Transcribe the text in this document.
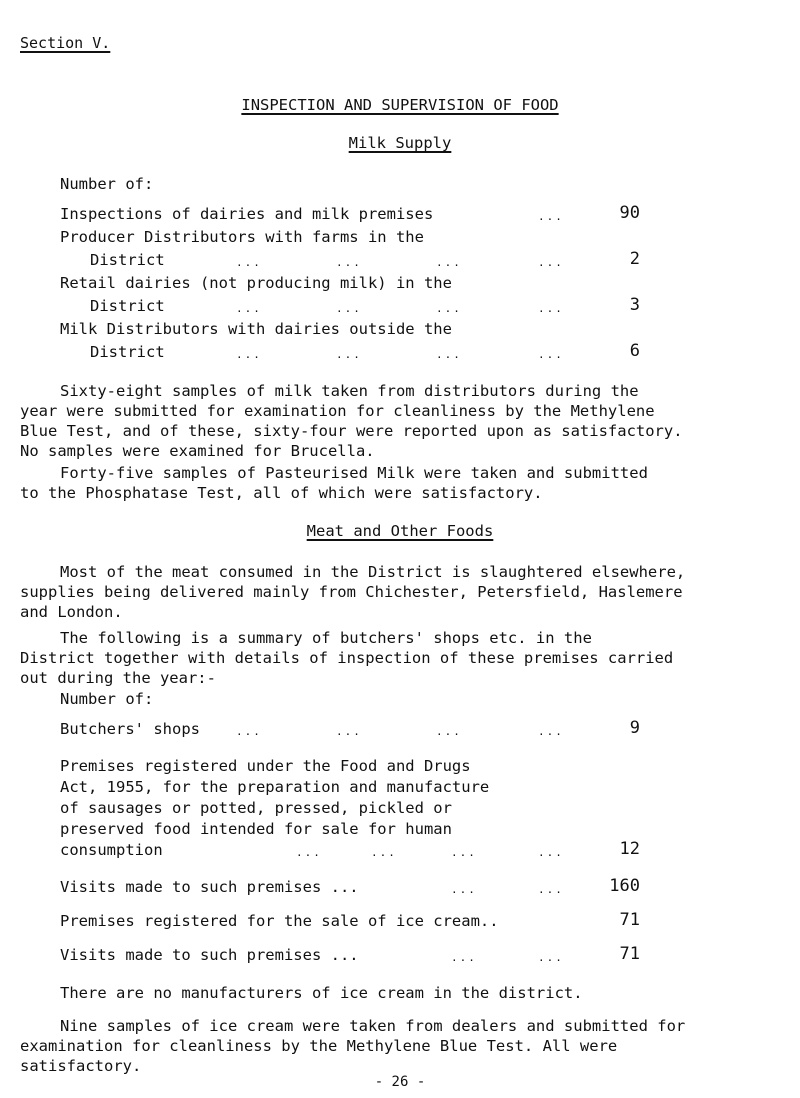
Section V.
INSPECTION AND SUPERVISION OF FOOD
Milk Supply
Number of:
Inspections of dairies and milk premises	...	90
Producer Distributors with farms in the
District	...	...	...	...	2
Retail dairies (not producing milk) in the
District	...	...	...	...	3
Milk Distributors with dairies outside the
District	...	...	...	...	6
Sixty-eight samples of milk taken from distributors during the
year were submitted for examination for cleanliness by the Methylene
Blue Test, and of these, sixty-four were reported upon as satisfactory.
No samples were examined for Brucella.
Forty-five samples of Pasteurised Milk were taken and submitted
to the Phosphatase Test, all of which were satisfactory.
Meat and Other Foods
Most of the meat consumed in the District is slaughtered elsewhere,
supplies being delivered mainly from Chichester, Petersfield, Haslemere
and London.
The following is a summary of butchers' shops etc. in the
District together with details of inspection of these premises carried
out during the year:-
Number of:
Butchers' shops	...	...	...	...	9
Premises registered under the Food and Drugs
Act, 1955, for the preparation and manufacture
of sausages or potted, pressed, pickled or
preserved food intended for sale for human
consumption	...	...	...	...	12
Visits made to such premises ...	...	...	160
Premises registered for the sale of ice cream..	71
Visits made to such premises ...	...	...	71
There are no manufacturers of ice cream in the district.
Nine samples of ice cream were taken from dealers and submitted for
examination for cleanliness by the Methylene Blue Test. All were
satisfactory.
- 26 -
